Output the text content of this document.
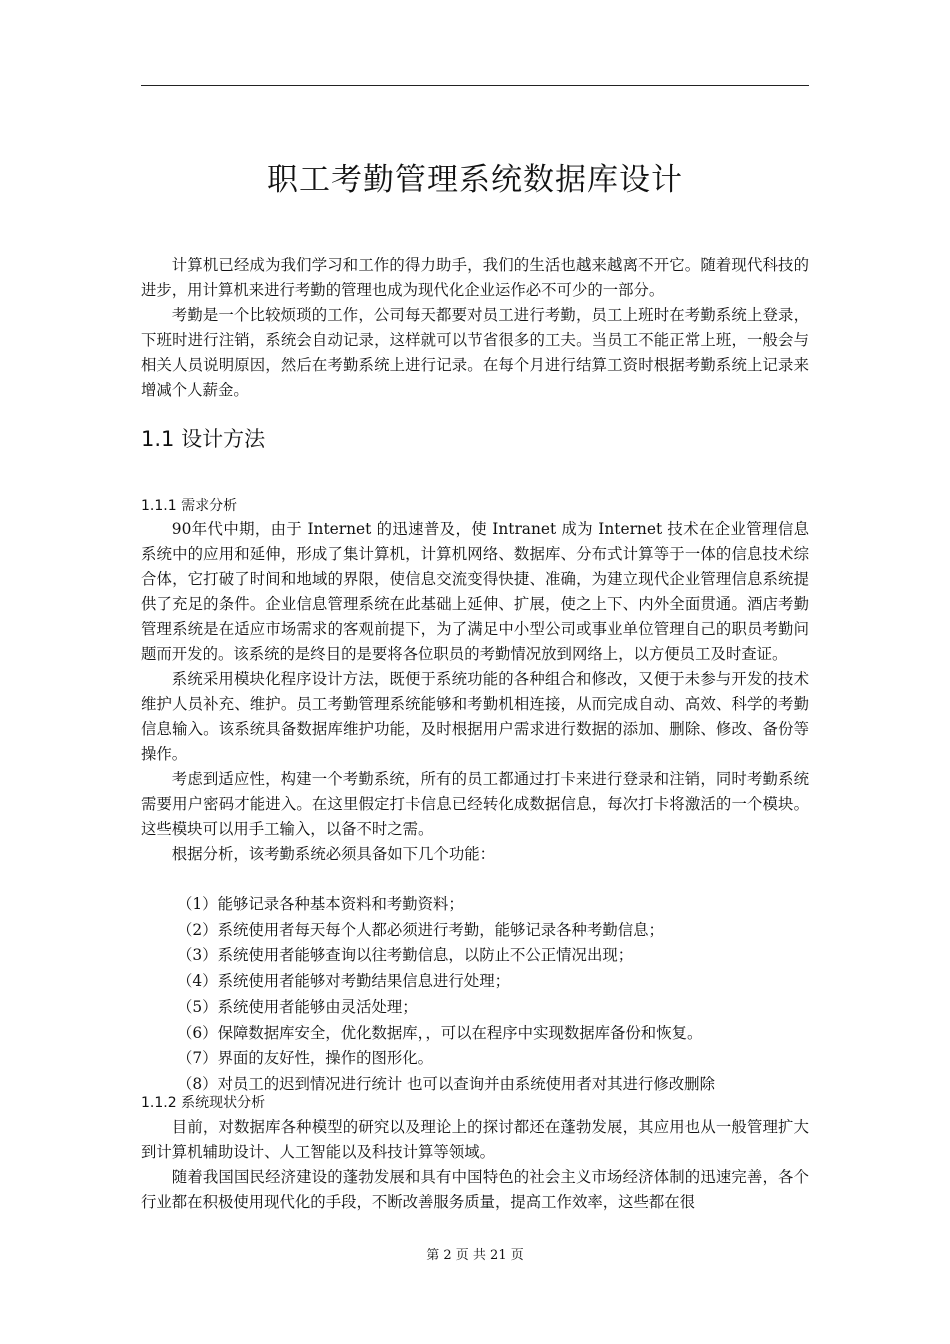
职工考勤管理系统数据库设计

计算机已经成为我们学习和工作的得力助手，我们的生活也越来越离不开它。随着现代科技的进步，用计算机来进行考勤的管理也成为现代化企业运作必不可少的一部分。

考勤是一个比较烦琐的工作，公司每天都要对员工进行考勤，员工上班时在考勤系统上登录，下班时进行注销，系统会自动记录，这样就可以节省很多的工夫。当员工不能正常上班，一般会与相关人员说明原因，然后在考勤系统上进行记录。在每个月进行结算工资时根据考勤系统上记录来增减个人薪金。

1.1 设计方法
1.1.1 需求分析

90年代中期，由于 Internet 的迅速普及，使 Intranet 成为 Internet 技术在企业管理信息系统中的应用和延伸，形成了集计算机，计算机网络、数据库、分布式计算等于一体的信息技术综合体，它打破了时间和地域的界限，使信息交流变得快捷、准确，为建立现代企业管理信息系统提供了充足的条件。企业信息管理系统在此基础上延伸、扩展，使之上下、内外全面贯通。酒店考勤管理系统是在适应市场需求的客观前提下，为了满足中小型公司或事业单位管理自己的职员考勤问题而开发的。该系统的是终目的是要将各位职员的考勤情况放到网络上，以方便员工及时查证。

系统采用模块化程序设计方法，既便于系统功能的各种组合和修改，又便于未参与开发的技术维护人员补充、维护。员工考勤管理系统能够和考勤机相连接，从而完成自动、高效、科学的考勤信息输入。该系统具备数据库维护功能，及时根据用户需求进行数据的添加、删除、修改、备份等操作。

考虑到适应性，构建一个考勤系统，所有的员工都通过打卡来进行登录和注销，同时考勤系统需要用户密码才能进入。在这里假定打卡信息已经转化成数据信息，每次打卡将激活的一个模块。这些模块可以用手工输入，以备不时之需。

根据分析，该考勤系统必须具备如下几个功能：

（1）能够记录各种基本资料和考勤资料；
（2）系统使用者每天每个人都必须进行考勤，能够记录各种考勤信息；
（3）系统使用者能够查询以往考勤信息，以防止不公正情况出现；
（4）系统使用者能够对考勤结果信息进行处理；
（5）系统使用者能够由灵活处理；
（6）保障数据库安全，优化数据库，，可以在程序中实现数据库备份和恢复。
（7）界面的友好性，操作的图形化。
（8）对员工的迟到情况进行统计 也可以查询并由系统使用者对其进行修改删除
1.1.2 系统现状分析

目前，对数据库各种模型的研究以及理论上的探讨都还在蓬勃发展，其应用也从一般管理扩大到计算机辅助设计、人工智能以及科技计算等领域。

随着我国国民经济建设的蓬勃发展和具有中国特色的社会主义市场经济体制的迅速完善，各个行业都在积极使用现代化的手段，不断改善服务质量，提高工作效率，这些都在很

第 2 页 共 21 页
